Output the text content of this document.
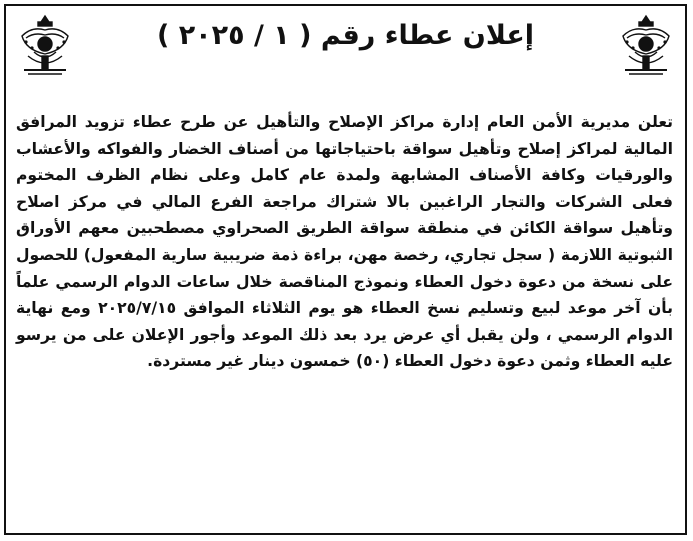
إعلان عطاء رقم ( ١ / ٢٠٢٥ )
تعلن مديرية الأمن العام إدارة مراكز الإصلاح والتأهيل عن طرح عطاء تزويد المرافق المالية لمراكز إصلاح وتأهيل سواقة باحتياجاتها من أصناف الخضار والفواكه والأعشاب والورقيات وكافة الأصناف المشابهة ولمدة عام كامل وعلى نظام الظرف المختوم فعلى الشركات والتجار الراغبين بالا شتراك مراجعة الفرع المالي في مركز اصلاح وتأهيل سواقة الكائن في منطقة سواقة الطريق الصحراوي مصطحبين معهم الأوراق الثبوتية اللازمة ( سجل تجاري، رخصة مهن، براءة ذمة ضريبية سارية المفعول) للحصول على نسخة من دعوة دخول العطاء ونموذج المناقصة خلال ساعات الدوام الرسمي علماً بأن آخر موعد لبيع وتسليم نسخ العطاء هو يوم الثلاثاء الموافق ٢٠٢٥/٧/١٥ ومع نهاية الدوام الرسمي ، ولن يقبل أي عرض يرد بعد ذلك الموعد وأجور الإعلان على من يرسو عليه العطاء وثمن دعوة دخول العطاء (٥٠) خمسون دينار غير مستردة.
